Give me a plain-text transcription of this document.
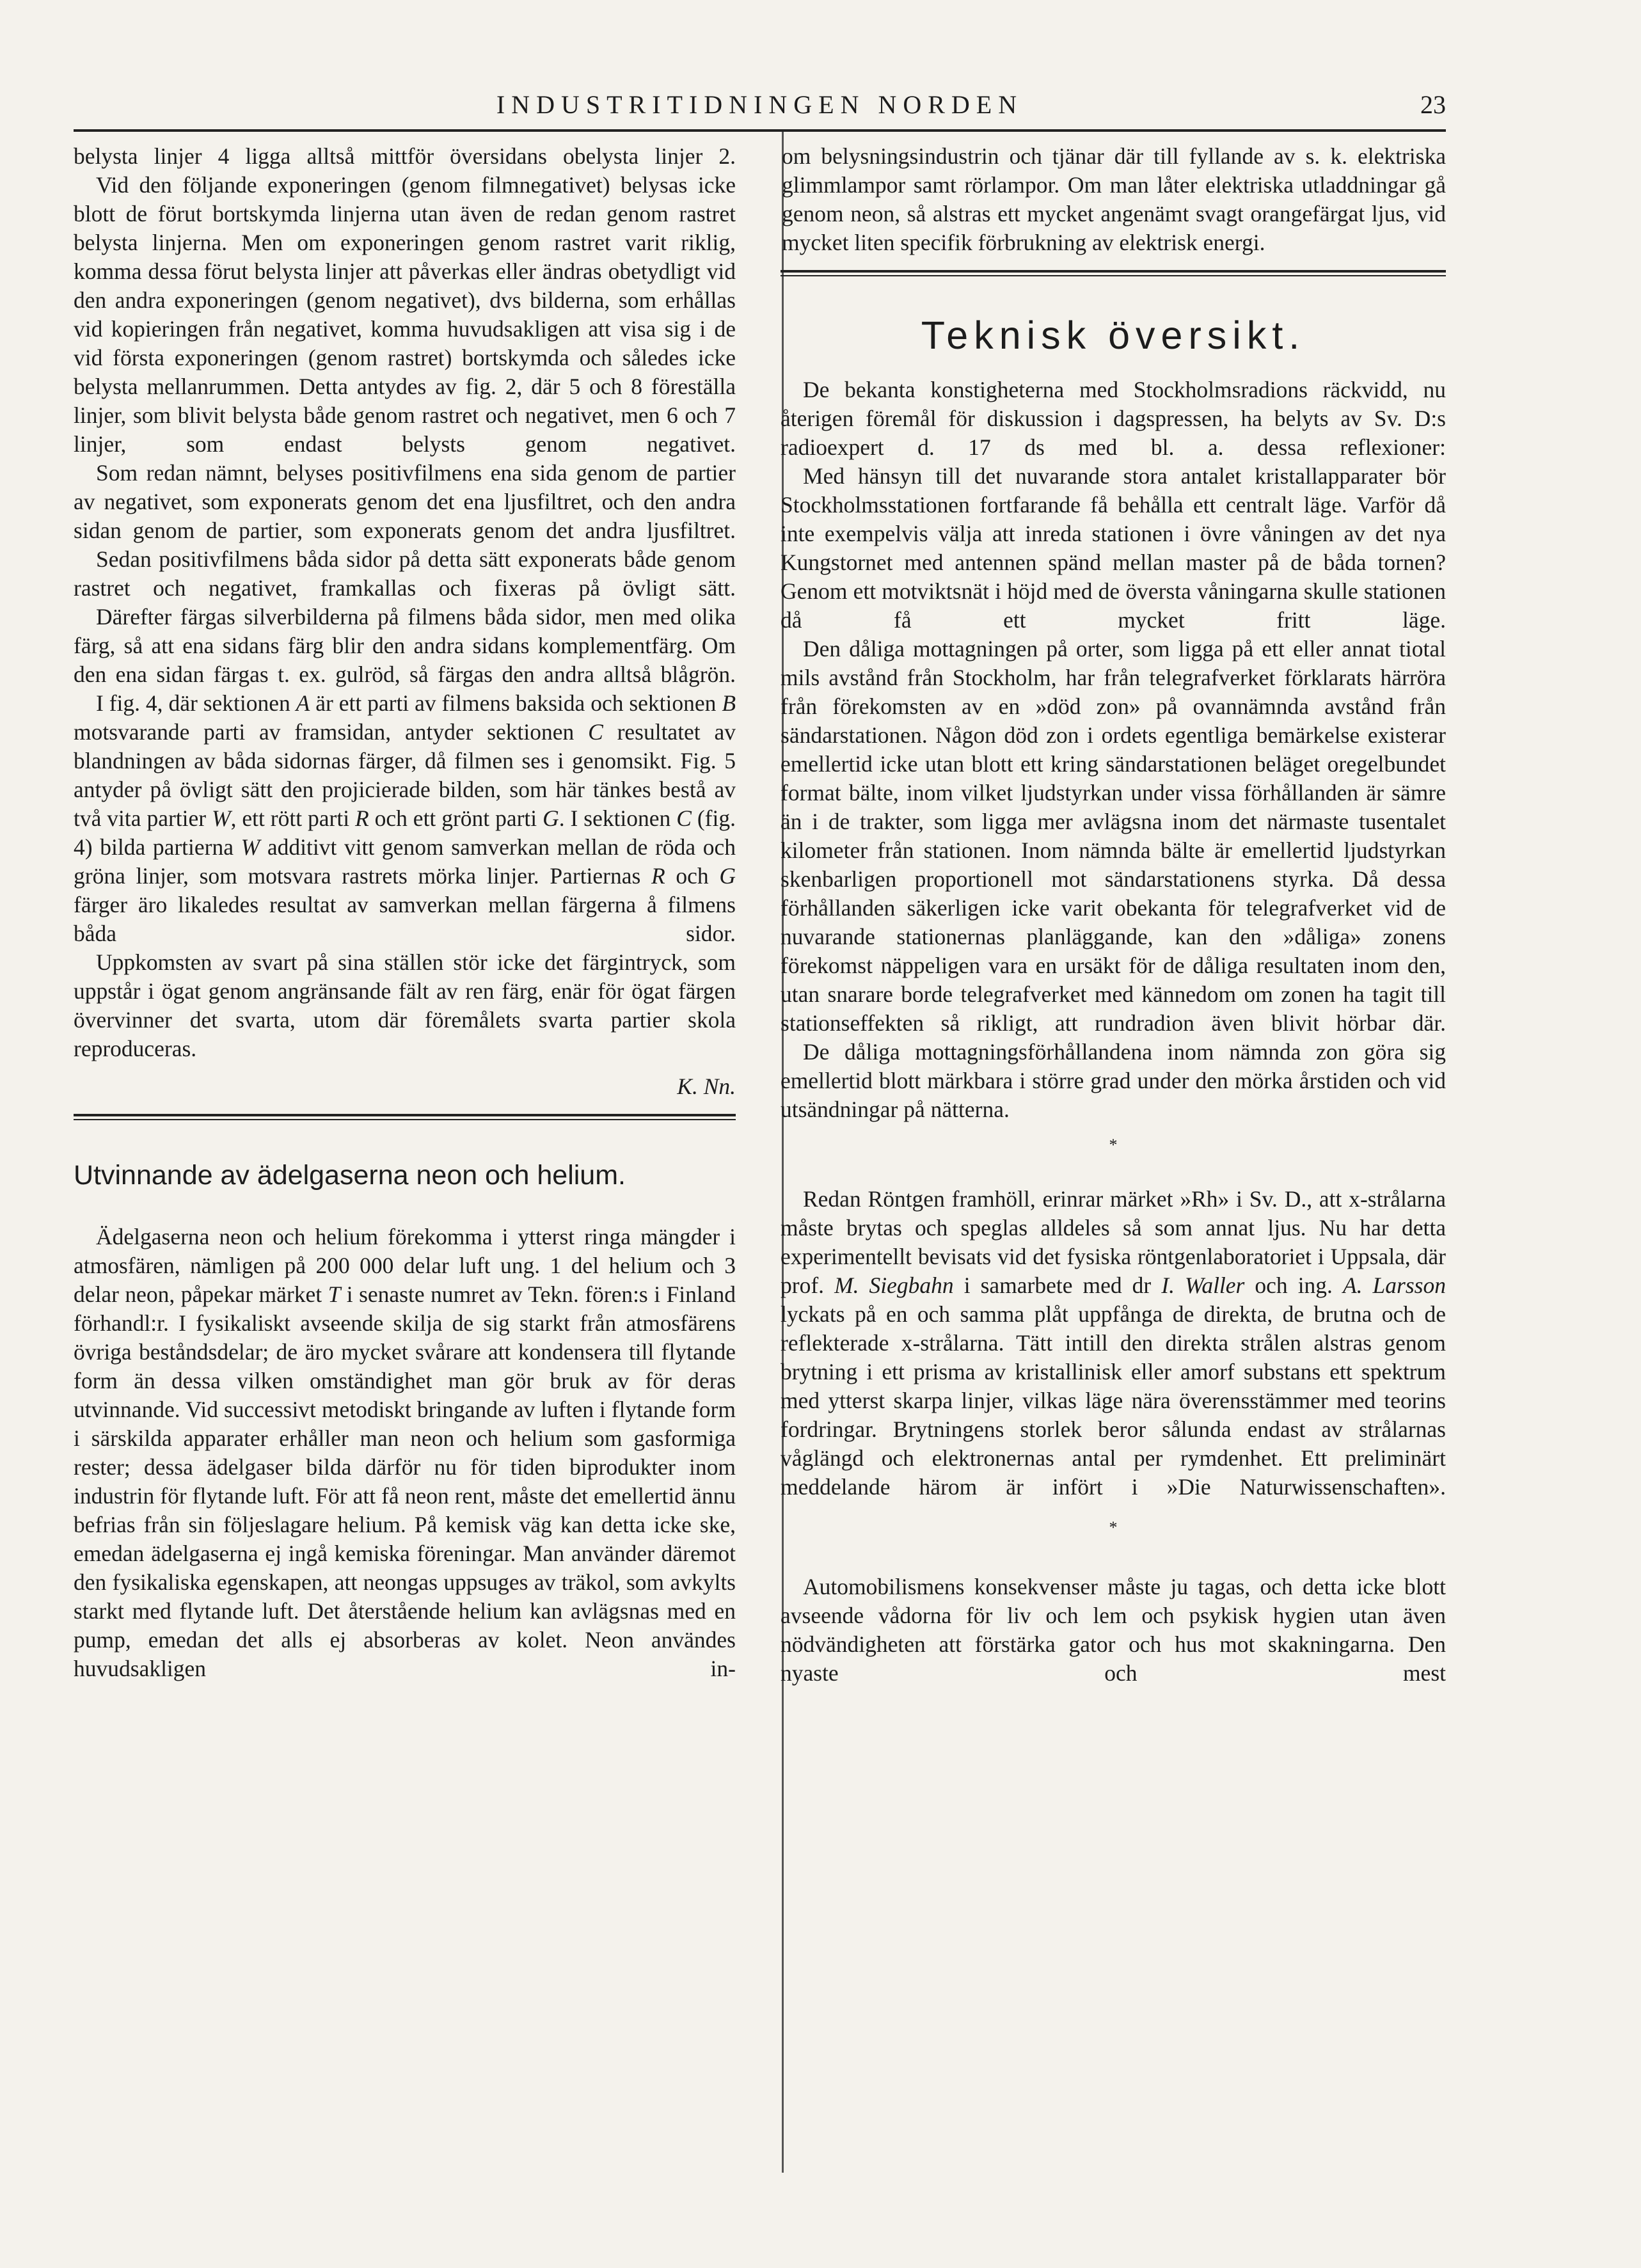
INDUSTRITIDNINGEN NORDEN	23

belysta linjer 4 ligga alltså mittför översidans obelysta linjer 2.

Vid den följande exponeringen (genom filmnegativet) belysas icke blott de förut bortskymda linjerna utan även de redan genom rastret belysta linjerna. Men om exponeringen genom rastret varit riklig, komma dessa förut belysta linjer att påverkas eller ändras obetydligt vid den andra exponeringen (genom negativet), dvs bilderna, som erhållas vid kopieringen från negativet, komma huvudsakligen att visa sig i de vid första exponeringen (genom rastret) bortskymda och således icke belysta mellanrummen. Detta antydes av fig. 2, där 5 och 8 föreställa linjer, som blivit belysta både genom rastret och negativet, men 6 och 7 linjer, som endast belysts genom negativet.

Som redan nämnt, belyses positivfilmens ena sida genom de partier av negativet, som exponerats genom det ena ljusfiltret, och den andra sidan genom de partier, som exponerats genom det andra ljusfiltret.

Sedan positivfilmens båda sidor på detta sätt exponerats både genom rastret och negativet, framkallas och fixeras på övligt sätt.

Därefter färgas silverbilderna på filmens båda sidor, men med olika färg, så att ena sidans färg blir den andra sidans komplementfärg. Om den ena sidan färgas t. ex. gulröd, så färgas den andra alltså blågrön.

I fig. 4, där sektionen A är ett parti av filmens baksida och sektionen B motsvarande parti av framsidan, antyder sektionen C resultatet av blandningen av båda sidornas färger, då filmen ses i genomsikt. Fig. 5 antyder på övligt sätt den projicierade bilden, som här tänkes bestå av två vita partier W, ett rött parti R och ett grönt parti G. I sektionen C (fig. 4) bilda partierna W additivt vitt genom samverkan mellan de röda och gröna linjer, som motsvara rastrets mörka linjer. Partiernas R och G färger äro likaledes resultat av samverkan mellan färgerna å filmens båda sidor.

Uppkomsten av svart på sina ställen stör icke det färgintryck, som uppstår i ögat genom angränsande fält av ren färg, enär för ögat färgen övervinner det svarta, utom där föremålets svarta partier skola reproduceras.

K. Nn.

Utvinnande av ädelgaserna neon och helium.

Ädelgaserna neon och helium förekomma i ytterst ringa mängder i atmosfären, nämligen på 200 000 delar luft ung. 1 del helium och 3 delar neon, påpekar märket T i senaste numret av Tekn. fören:s i Finland förhandl:r. I fysikaliskt avseende skilja de sig starkt från atmosfärens övriga beståndsdelar; de äro mycket svårare att kondensera till flytande form än dessa vilken omständighet man gör bruk av för deras utvinnande. Vid successivt metodiskt bringande av luften i flytande form i särskilda apparater erhåller man neon och helium som gasformiga rester; dessa ädelgaser bilda därför nu för tiden biprodukter inom industrin för flytande luft. För att få neon rent, måste det emellertid ännu befrias från sin följeslagare helium. På kemisk väg kan detta icke ske, emedan ädelgaserna ej ingå kemiska föreningar. Man använder däremot den fysikaliska egenskapen, att neongas uppsuges av träkol, som avkylts starkt med flytande luft. Det återstående helium kan avlägsnas med en pump, emedan det alls ej absorberas av kolet. Neon användes huvudsakligen in-

om belysningsindustrin och tjänar där till fyllande av s. k. elektriska glimmlampor samt rörlampor. Om man låter elektriska utladdningar gå genom neon, så alstras ett mycket angenämt svagt orangefärgat ljus, vid mycket liten specifik förbrukning av elektrisk energi.

Teknisk översikt.

De bekanta konstigheterna med Stockholmsradions räckvidd, nu återigen föremål för diskussion i dagspressen, ha belyts av Sv. D:s radioexpert d. 17 ds med bl. a. dessa reflexioner:

Med hänsyn till det nuvarande stora antalet kristallapparater bör Stockholmsstationen fortfarande få behålla ett centralt läge. Varför då inte exempelvis välja att inreda stationen i övre våningen av det nya Kungstornet med antennen spänd mellan master på de båda tornen? Genom ett motviktsnät i höjd med de översta våningarna skulle stationen då få ett mycket fritt läge.

Den dåliga mottagningen på orter, som ligga på ett eller annat tiotal mils avstånd från Stockholm, har från telegrafverket förklarats härröra från förekomsten av en »död zon» på ovannämnda avstånd från sändarstationen. Någon död zon i ordets egentliga bemärkelse existerar emellertid icke utan blott ett kring sändarstationen beläget oregelbundet format bälte, inom vilket ljudstyrkan under vissa förhållanden är sämre än i de trakter, som ligga mer avlägsna inom det närmaste tusentalet kilometer från stationen. Inom nämnda bälte är emellertid ljudstyrkan skenbarligen proportionell mot sändarstationens styrka. Då dessa förhållanden säkerligen icke varit obekanta för telegrafverket vid de nuvarande stationernas planläggande, kan den »dåliga» zonens förekomst näppeligen vara en ursäkt för de dåliga resultaten inom den, utan snarare borde telegrafverket med kännedom om zonen ha tagit till stationseffekten så rikligt, att rundradion även blivit hörbar där.

De dåliga mottagningsförhållandena inom nämnda zon göra sig emellertid blott märkbara i större grad under den mörka årstiden och vid utsändningar på nätterna.

*

Redan Röntgen framhöll, erinrar märket »Rh» i Sv. D., att x-strålarna måste brytas och speglas alldeles så som annat ljus. Nu har detta experimentellt bevisats vid det fysiska röntgenlaboratoriet i Uppsala, där prof. M. Siegbahn i samarbete med dr I. Waller och ing. A. Larsson lyckats på en och samma plåt uppfånga de direkta, de brutna och de reflekterade x-strålarna. Tätt intill den direkta strålen alstras genom brytning i ett prisma av kristallinisk eller amorf substans ett spektrum med ytterst skarpa linjer, vilkas läge nära överensstämmer med teorins fordringar. Brytningens storlek beror sålunda endast av strålarnas våglängd och elektronernas antal per rymdenhet. Ett preliminärt meddelande härom är infört i »Die Naturwissenschaften».

*

Automobilismens konsekvenser måste ju tagas, och detta icke blott avseende vådorna för liv och lem och psykisk hygien utan även nödvändigheten att förstärka gator och hus mot skakningarna. Den nyaste och mest
